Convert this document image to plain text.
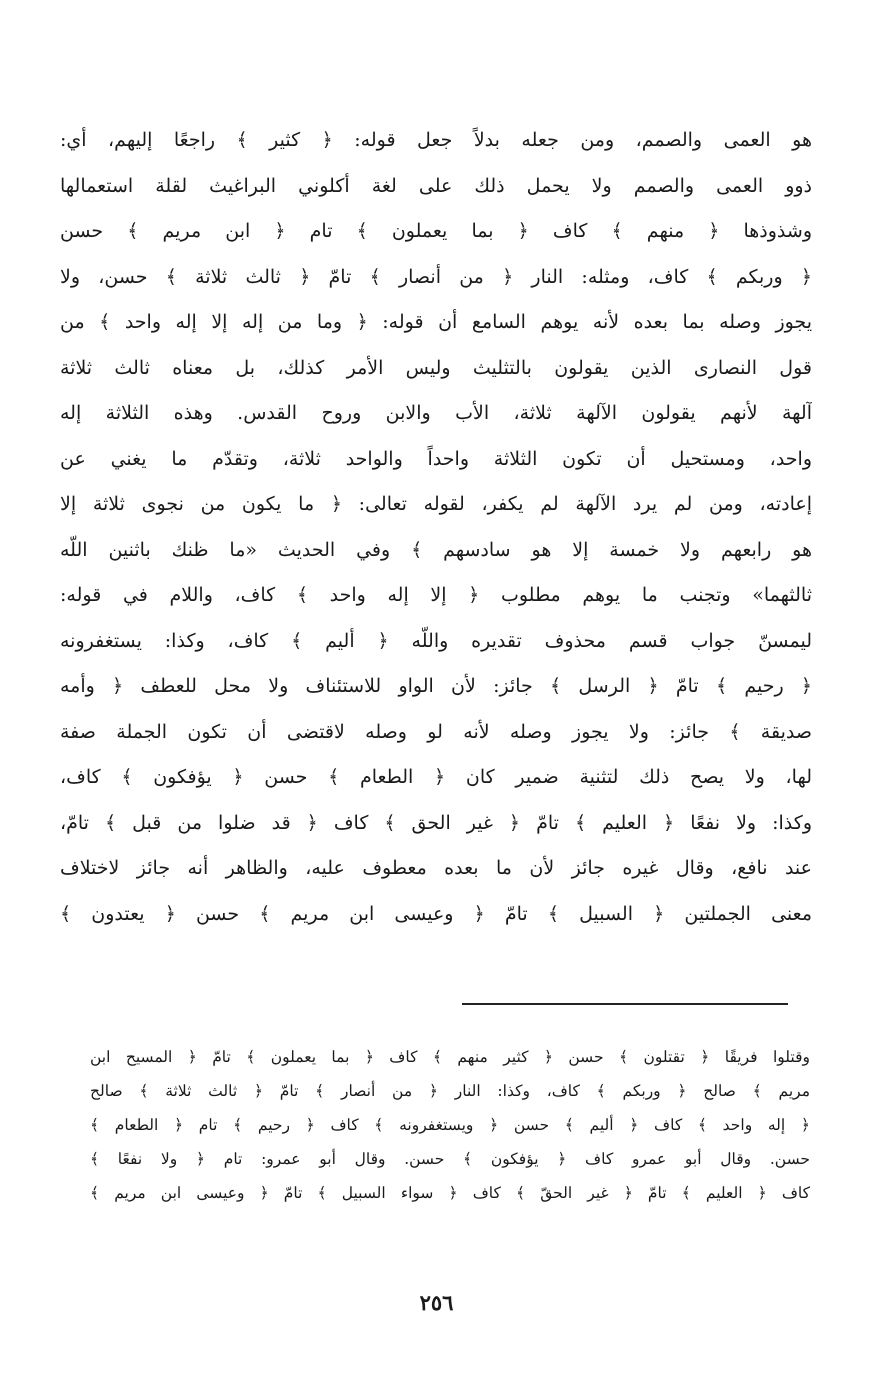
هو العمى والصمم، ومن جعله بدلاً جعل قوله: ﴿ كثير ﴾ راجعًا إليهم، أي:
ذوو العمى والصمم ولا يحمل ذلك على لغة أكلوني البراغيث لقلة استعمالها
وشذوذها ﴿ منهم ﴾ كاف ﴿ بما يعملون ﴾ تام ﴿ ابن مريم ﴾ حسن
﴿ وربكم ﴾ كاف، ومثله: النار ﴿ من أنصار ﴾ تامّ ﴿ ثالث ثلاثة ﴾ حسن، ولا
يجوز وصله بما بعده لأنه يوهم السامع أن قوله: ﴿ وما من إله إلا إله واحد ﴾ من
قول النصارى الذين يقولون بالتثليث وليس الأمر كذلك، بل معناه ثالث ثلاثة
آلهة لأنهم يقولون الآلهة ثلاثة، الأب والابن وروح القدس. وهذه الثلاثة إله
واحد، ومستحيل أن تكون الثلاثة واحداً والواحد ثلاثة، وتقدّم ما يغني عن
إعادته، ومن لم يرد الآلهة لم يكفر، لقوله تعالى: ﴿ ما يكون من نجوى ثلاثة إلا
هو رابعهم ولا خمسة إلا هو سادسهم ﴾ وفي الحديث «ما ظنك باثنين اللّه
ثالثهما» وتجنب ما يوهم مطلوب ﴿ إلا إله واحد ﴾ كاف، واللام في قوله:
ليمسنّ جواب قسم محذوف تقديره واللّه ﴿ أليم ﴾ كاف، وكذا: يستغفرونه
﴿ رحيم ﴾ تامّ ﴿ الرسل ﴾ جائز: لأن الواو للاستئناف ولا محل للعطف ﴿ وأمه
صديقة ﴾ جائز: ولا يجوز وصله لأنه لو وصله لاقتضى أن تكون الجملة صفة
لها، ولا يصح ذلك لتثنية ضمير كان ﴿ الطعام ﴾ حسن ﴿ يؤفكون ﴾ كاف،
وكذا: ولا نفعًا ﴿ العليم ﴾ تامّ ﴿ غير الحق ﴾ كاف ﴿ قد ضلوا من قبل ﴾ تامّ،
عند نافع، وقال غيره جائز لأن ما بعده معطوف عليه، والظاهر أنه جائز لاختلاف
معنى الجملتين ﴿ السبيل ﴾ تامّ ﴿ وعيسى ابن مريم ﴾ حسن ﴿ يعتدون ﴾
وقتلوا فريقًا ﴿ تقتلون ﴾ حسن ﴿ كثير منهم ﴾ كاف ﴿ بما يعملون ﴾ تامّ ﴿ المسيح ابن
مريم ﴾ صالح ﴿ وربكم ﴾ كاف، وكذا: النار ﴿ من أنصار ﴾ تامّ ﴿ ثالث ثلاثة ﴾ صالح
﴿ إله واحد ﴾ كاف ﴿ أليم ﴾ حسن ﴿ ويستغفرونه ﴾ كاف ﴿ رحيم ﴾ تام ﴿ الطعام ﴾
حسن. وقال أبو عمرو كاف ﴿ يؤفكون ﴾ حسن. وقال أبو عمرو: تام ﴿ ولا نفعًا ﴾
كاف ﴿ العليم ﴾ تامّ ﴿ غير الحقّ ﴾ كاف ﴿ سواء السبيل ﴾ تامّ ﴿ وعيسى ابن مريم ﴾
٢٥٦
